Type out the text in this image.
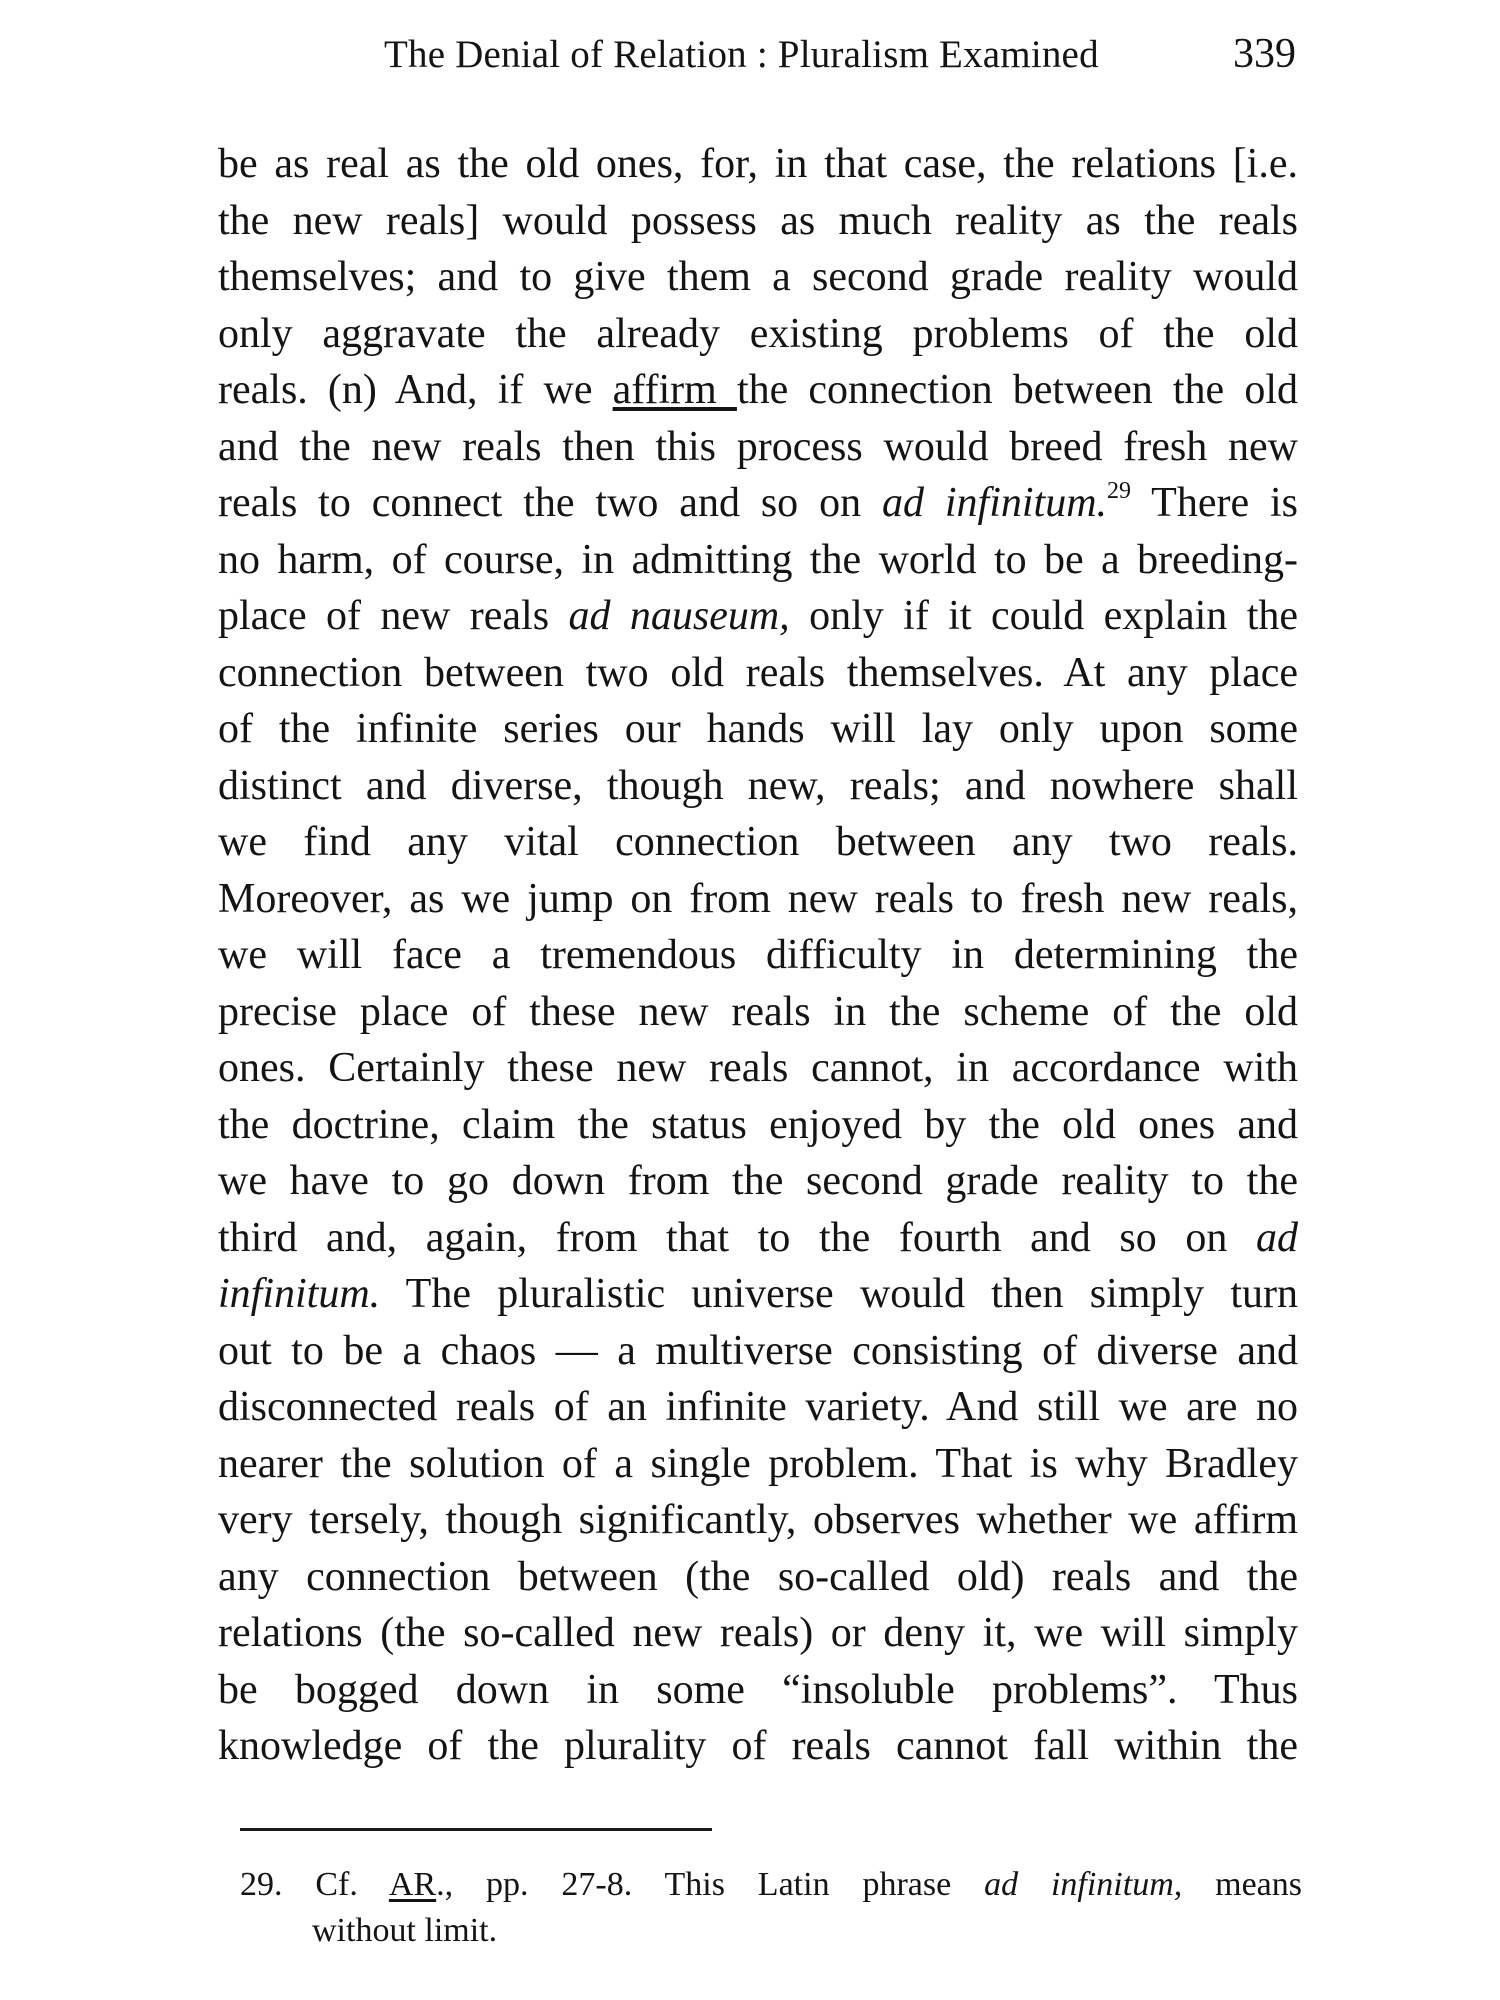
The Denial of Relation : Pluralism Examined	339
be as real as the old ones, for, in that case, the relations [i.e.
the new reals] would possess as much reality as the reals
themselves; and to give them a second grade reality would
only aggravate the already existing problems of the old
reals. (n) And, if we affirm the connection between the old
and the new reals then this process would breed fresh new
reals to connect the two and so on ad infinitum.$^{29}$ There is
no harm, of course, in admitting the world to be a breeding-
place of new reals ad nauseum, only if it could explain the
connection between two old reals themselves. At any place
of the infinite series our hands will lay only upon some
distinct and diverse, though new, reals; and nowhere shall
we find any vital connection between any two reals.
Moreover, as we jump on from new reals to fresh new reals,
we will face a tremendous difficulty in determining the
precise place of these new reals in the scheme of the old
ones. Certainly these new reals cannot, in accordance with
the doctrine, claim the status enjoyed by the old ones and
we have to go down from the second grade reality to the
third and, again, from that to the fourth and so on ad
infinitum. The pluralistic universe would then simply turn
out to be a chaos — a multiverse consisting of diverse and
disconnected reals of an infinite variety. And still we are no
nearer the solution of a single problem. That is why Bradley
very tersely, though significantly, observes whether we affirm
any connection between (the so-called old) reals and the
relations (the so-called new reals) or deny it, we will simply
be bogged down in some “insoluble problems”. Thus
knowledge of the plurality of reals cannot fall within the
29. Cf. AR., pp. 27-8. This Latin phrase ad infinitum, means
without limit.
